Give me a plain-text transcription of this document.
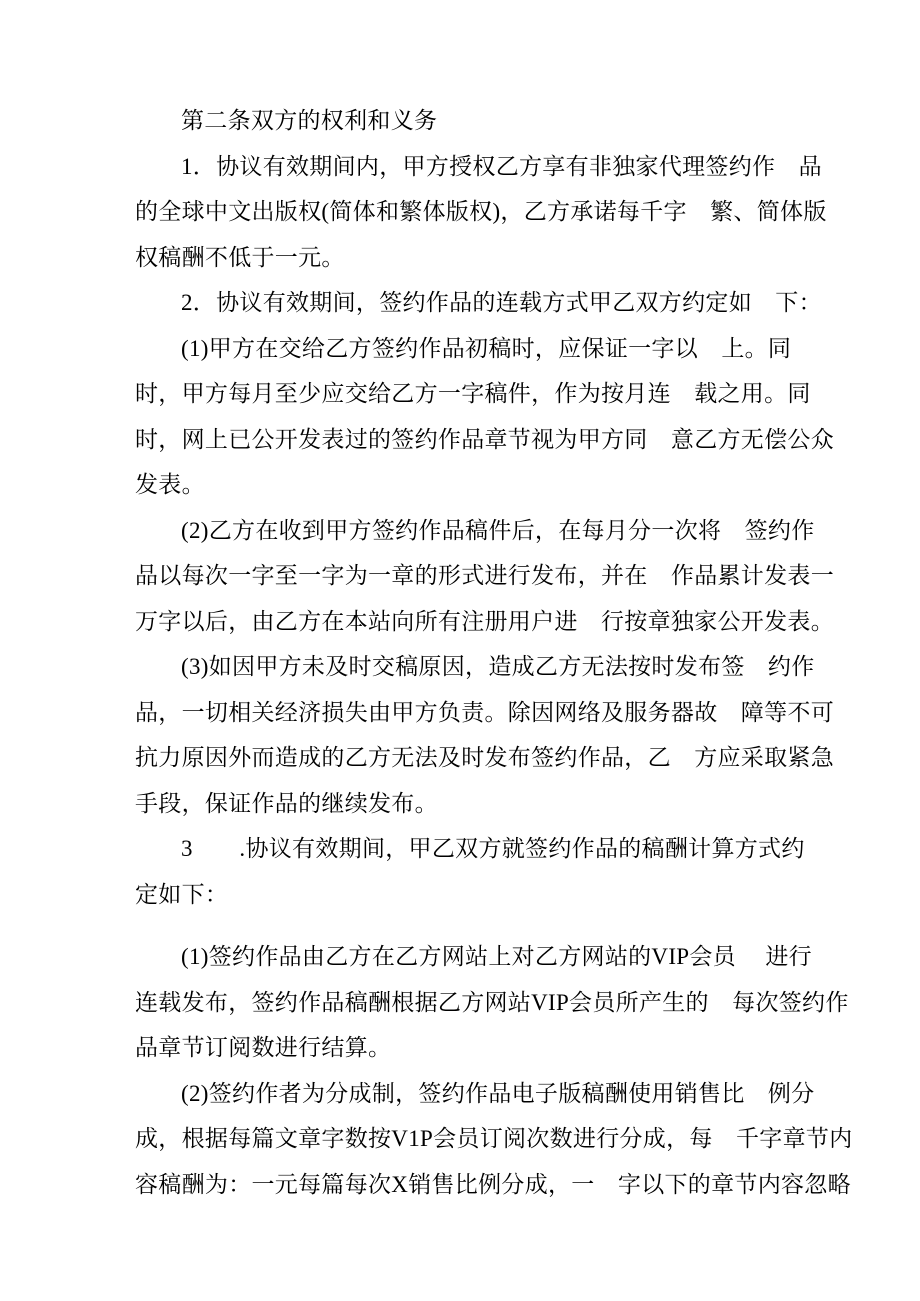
第二条双方的权利和义务
1．协议有效期间内，甲方授权乙方享有非独家代理签约作　品
的全球中文出版权(简体和繁体版权)，乙方承诺每千字　繁、简体版
权稿酬不低于一元。
2．协议有效期间，签约作品的连载方式甲乙双方约定如　下：
(1)甲方在交给乙方签约作品初稿时，应保证一字以　上。同
时，甲方每月至少应交给乙方一字稿件，作为按月连　载之用。同
时，网上已公开发表过的签约作品章节视为甲方同　意乙方无偿公众
发表。
(2)乙方在收到甲方签约作品稿件后，在每月分一次将　签约作
品以每次一字至一字为一章的形式进行发布，并在　作品累计发表一
万字以后，由乙方在本站向所有注册用户进　行按章独家公开发表。
(3)如因甲方未及时交稿原因，造成乙方无法按时发布签　约作
品，一切相关经济损失由甲方负责。除因网络及服务器故　障等不可
抗力原因外而造成的乙方无法及时发布签约作品，乙　方应采取紧急
手段，保证作品的继续发布。
3　　.协议有效期间，甲乙双方就签约作品的稿酬计算方式约
定如下：
(1)签约作品由乙方在乙方网站上对乙方网站的VIP会员　 进行
连载发布，签约作品稿酬根据乙方网站VIP会员所产生的　每次签约作
品章节订阅数进行结算。
(2)签约作者为分成制，签约作品电子版稿酬使用销售比　例分
成，根据每篇文章字数按V1P会员订阅次数进行分成，每　千字章节内
容稿酬为：一元每篇每次X销售比例分成，一　字以下的章节内容忽略
